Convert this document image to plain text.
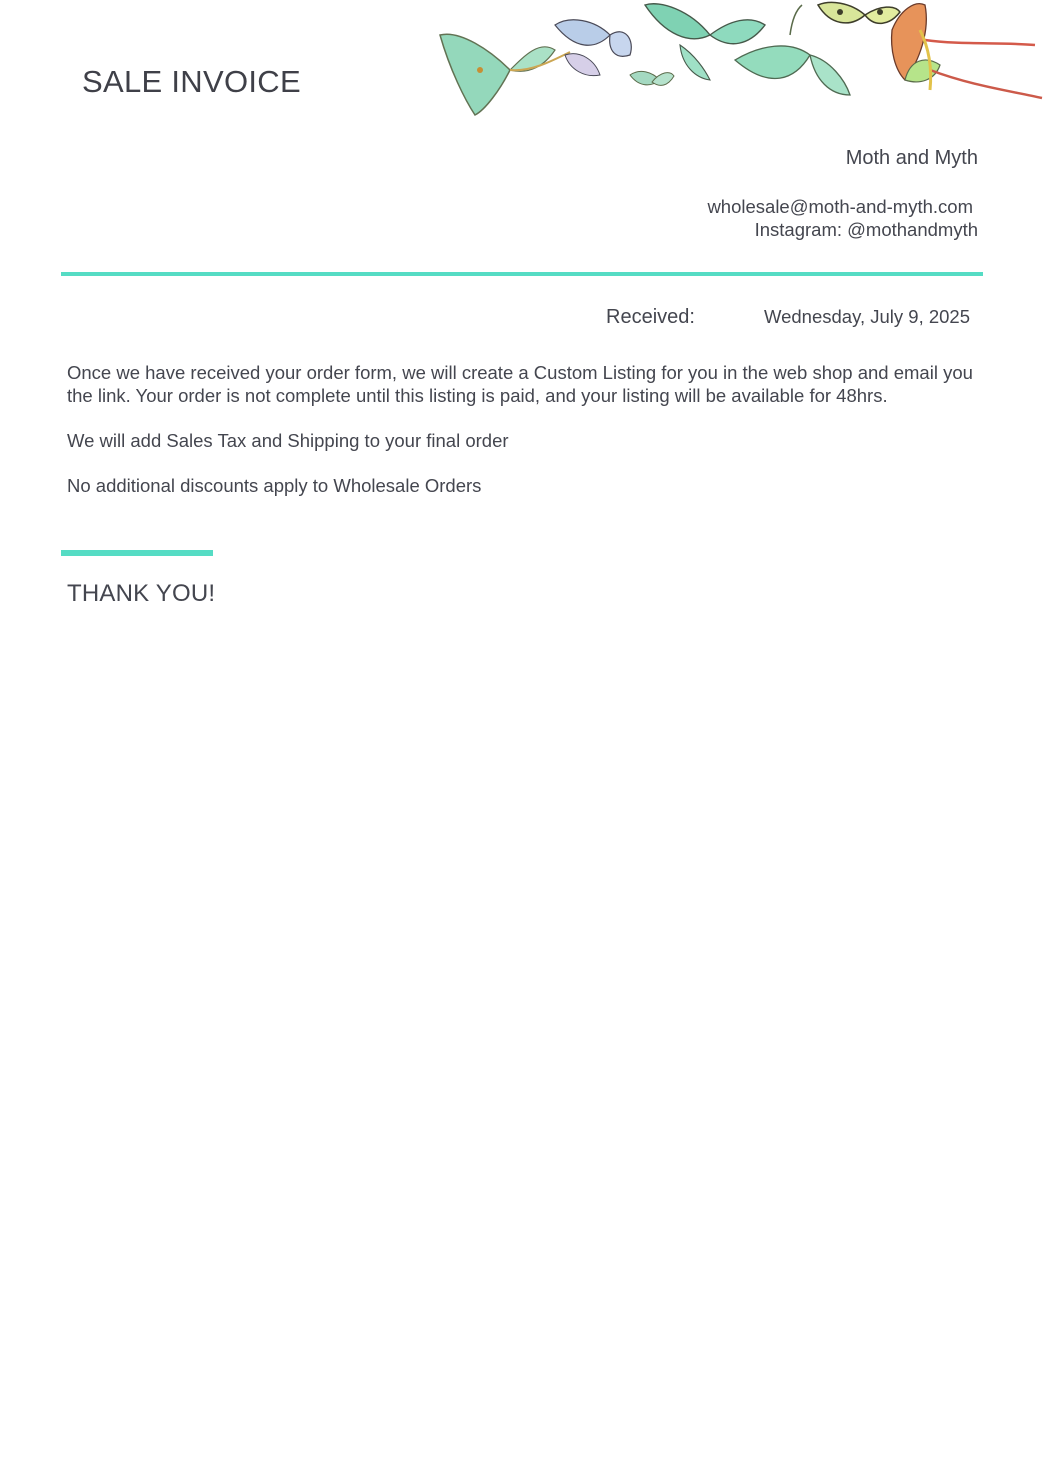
SALE INVOICE
Moth and Myth
wholesale@moth-and-myth.com
Instagram: @mothandmyth
Received:	Wednesday, July 9, 2025

Once we have received your order form, we will create a Custom Listing for you in the web shop and email you the link. Your order is not complete until this listing is paid, and your listing will be available for 48hrs.

We will add Sales Tax and Shipping to your final order

No additional discounts apply to Wholesale Orders

THANK YOU!
